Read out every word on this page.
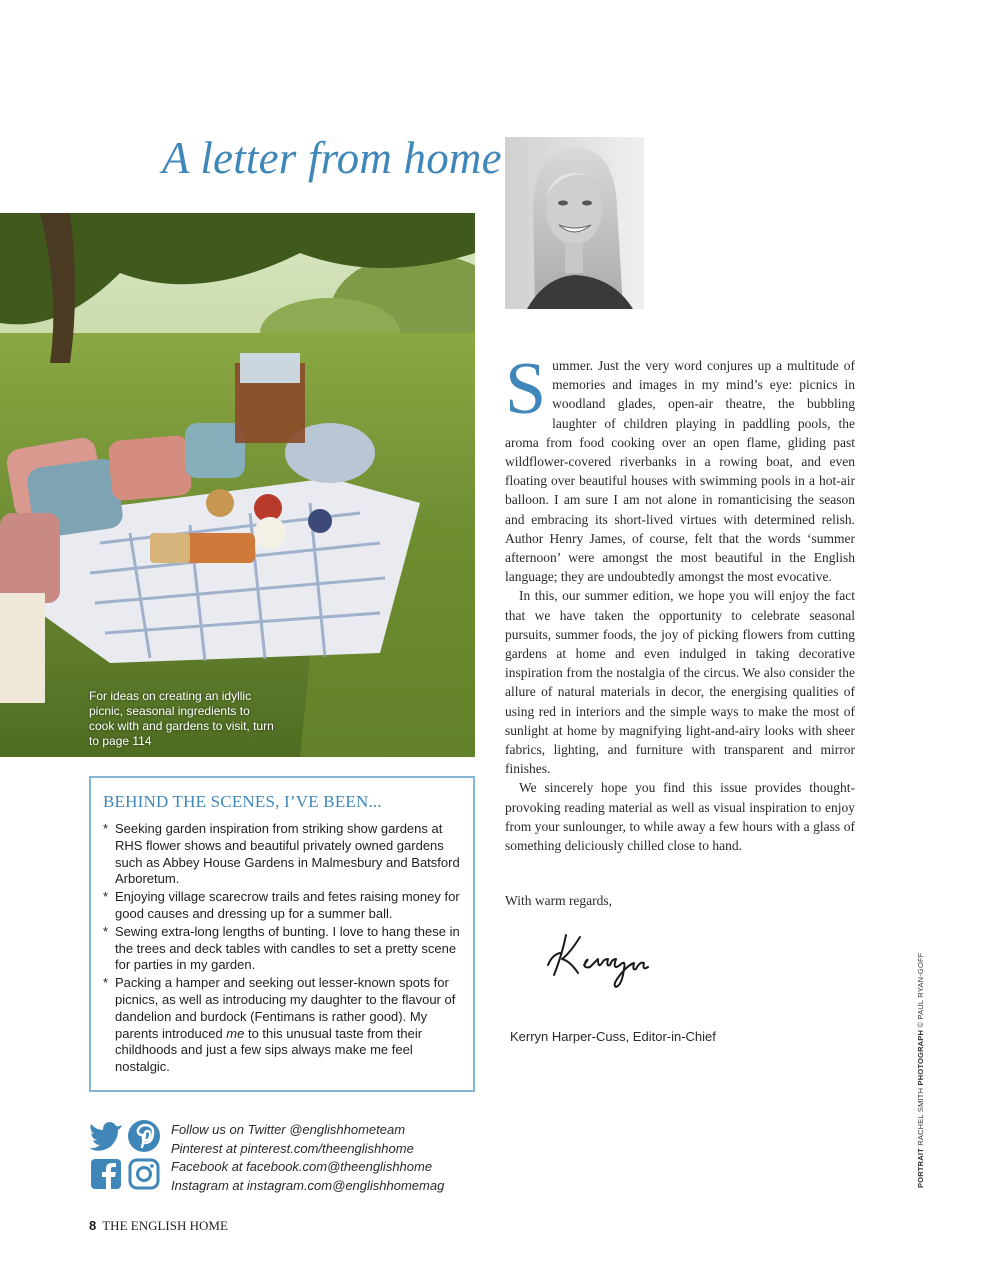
A letter from home
For ideas on creating an idyllic picnic, seasonal ingredients to cook with and gardens to visit, turn to page 114
BEHIND THE SCENES, I’VE BEEN...
* Seeking garden inspiration from striking show gardens at RHS flower shows and beautiful privately owned gardens such as Abbey House Gardens in Malmesbury and Batsford Arboretum.
* Enjoying village scarecrow trails and fetes raising money for good causes and dressing up for a summer ball.
* Sewing extra-long lengths of bunting. I love to hang these in the trees and deck tables with candles to set a pretty scene for parties in my garden.
* Packing a hamper and seeking out lesser-known spots for picnics, as well as introducing my daughter to the flavour of dandelion and burdock (Fentimans is rather good). My parents introduced me to this unusual taste from their childhoods and just a few sips always make me feel nostalgic.
Follow us on Twitter @englishhometeam
Pinterest at pinterest.com/theenglishhome
Facebook at facebook.com@theenglishhome
Instagram at instagram.com@englishhomemag
8 THE ENGLISH HOME

Summer. Just the very word conjures up a multitude of memories and images in my mind’s eye: picnics in woodland glades, open-air theatre, the bubbling laughter of children playing in paddling pools, the aroma from food cooking over an open flame, gliding past wildflower-covered riverbanks in a rowing boat, and even floating over beautiful houses with swimming pools in a hot-air balloon. I am sure I am not alone in romanticising the season and embracing its short-lived virtues with determined relish. Author Henry James, of course, felt that the words ‘summer afternoon’ were amongst the most beautiful in the English language; they are undoubtedly amongst the most evocative.

In this, our summer edition, we hope you will enjoy the fact that we have taken the opportunity to celebrate seasonal pursuits, summer foods, the joy of picking flowers from cutting gardens at home and even indulged in taking decorative inspiration from the nostalgia of the circus. We also consider the allure of natural materials in decor, the energising qualities of using red in interiors and the simple ways to make the most of sunlight at home by magnifying light-and-airy looks with sheer fabrics, lighting, and furniture with transparent and mirror finishes.

We sincerely hope you find this issue provides thought-provoking reading material as well as visual inspiration to enjoy from your sunlounger, to while away a few hours with a glass of something deliciously chilled close to hand.

With warm regards,
Kerryn Harper-Cuss, Editor-in-Chief
PORTRAIT RACHEL SMITH PHOTOGRAPH © PAUL RYAN-GOFF
